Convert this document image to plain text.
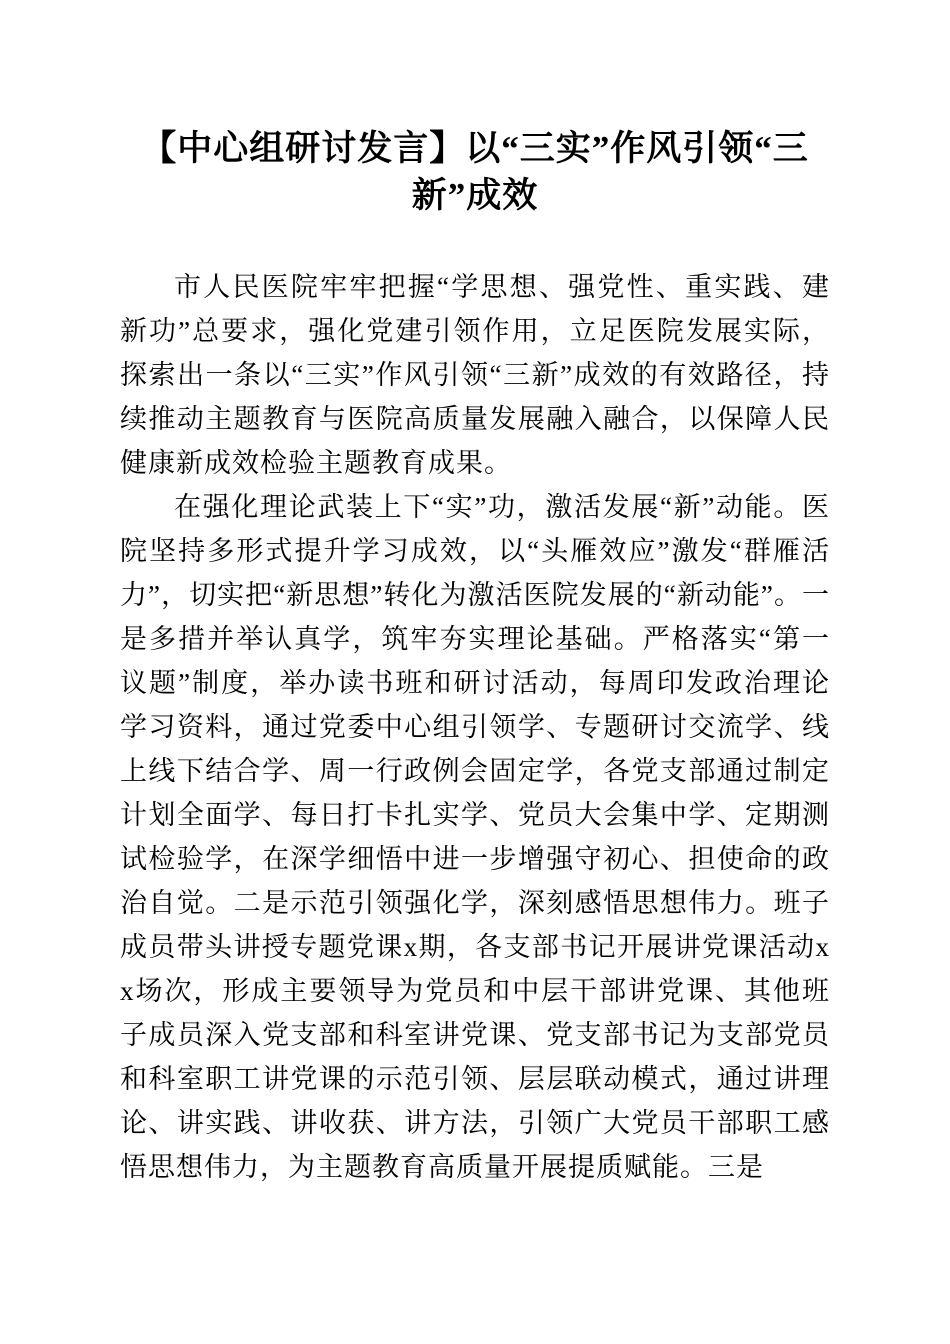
【中心组研讨发言】以“三实”作风引领“三新”成效

市人民医院牢牢把握“学思想、强党性、重实践、建新功”总要求，强化党建引领作用，立足医院发展实际，探索出一条以“三实”作风引领“三新”成效的有效路径，持续推动主题教育与医院高质量发展融入融合，以保障人民健康新成效检验主题教育成果。

在强化理论武装上下“实”功，激活发展“新”动能。医院坚持多形式提升学习成效，以“头雁效应”激发“群雁活力”，切实把“新思想”转化为激活医院发展的“新动能”。一是多措并举认真学，筑牢夯实理论基础。严格落实“第一议题”制度，举办读书班和研讨活动，每周印发政治理论学习资料，通过党委中心组引领学、专题研讨交流学、线上线下结合学、周一行政例会固定学，各党支部通过制定计划全面学、每日打卡扎实学、党员大会集中学、定期测试检验学，在深学细悟中进一步增强守初心、担使命的政治自觉。二是示范引领强化学，深刻感悟思想伟力。班子成员带头讲授专题党课x期，各支部书记开展讲党课活动xx场次，形成主要领导为党员和中层干部讲党课、其他班子成员深入党支部和科室讲党课、党支部书记为支部党员和科室职工讲党课的示范引领、层层联动模式，通过讲理论、讲实践、讲收获、讲方法，引领广大党员干部职工感悟思想伟力，为主题教育高质量开展提质赋能。三是
